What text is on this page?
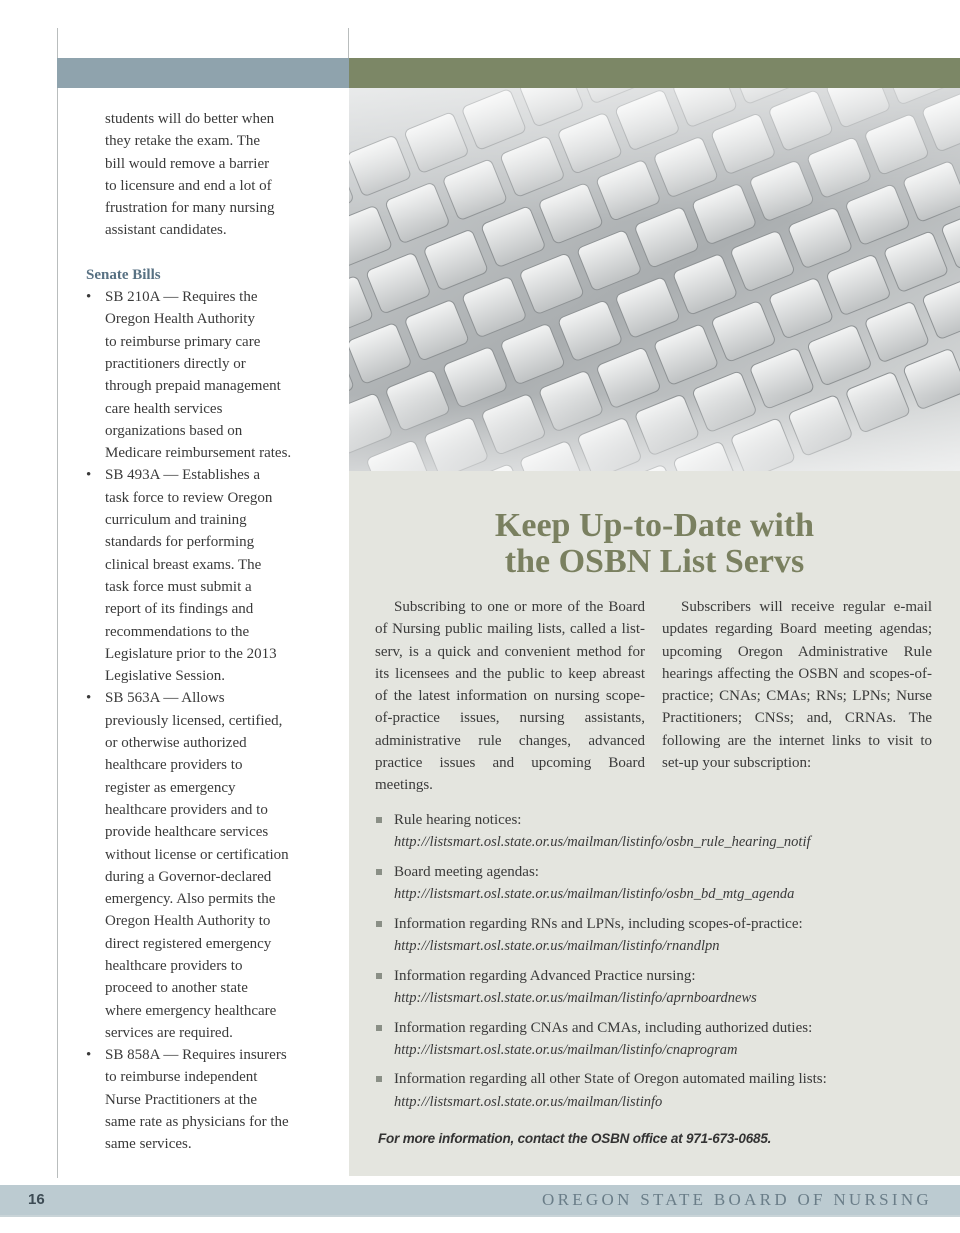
students will do better when

they retake the exam. The

bill would remove a barrier

to licensure and end a lot of

frustration for many nursing

assistant candidates.

Senate Bills

• SB 210A — Requires the
Oregon Health Authority
to reimburse primary care
practitioners directly or
through prepaid management
care health services
organizations based on
Medicare reimbursement rates.
• SB 493A — Establishes a
task force to review Oregon
curriculum and training
standards for performing
clinical breast exams. The
task force must submit a
report of its findings and
recommendations to the
Legislature prior to the 2013
Legislative Session.
• SB 563A — Allows
previously licensed, certified,
or otherwise authorized
healthcare providers to
register as emergency
healthcare providers and to
provide healthcare services
without license or certification
during a Governor-declared
emergency. Also permits the
Oregon Health Authority to
direct registered emergency
healthcare providers to
proceed to another state
where emergency healthcare
services are required.
• SB 858A — Requires insurers
to reimburse independent
Nurse Practitioners at the
same rate as physicians for the
same services.
Keep Up-to-Date with
the OSBN List Servs

Subscribing to one or more of the Board of Nursing public mailing lists, called a list-serv, is a quick and convenient method for its licensees and the public to keep abreast of the latest information on nursing scope-of-practice issues, nursing assistants, administrative rule changes, advanced practice issues and upcoming Board meetings.

Subscribers will receive regular e-mail updates regarding Board meeting agendas; upcoming Oregon Administrative Rule hearings affecting the OSBN and scopes-of-practice; CNAs; CMAs; RNs; LPNs; Nurse Practitioners; CNSs; and, CRNAs. The following are the internet links to visit to set-up your subscription:

Rule hearing notices:
http://listsmart.osl.state.or.us/mailman/listinfo/osbn_rule_hearing_notif
Board meeting agendas:
http://listsmart.osl.state.or.us/mailman/listinfo/osbn_bd_mtg_agenda
Information regarding RNs and LPNs, including scopes-of-practice:
http://listsmart.osl.state.or.us/mailman/listinfo/rnandlpn
Information regarding Advanced Practice nursing:
http://listsmart.osl.state.or.us/mailman/listinfo/aprnboardnews
Information regarding CNAs and CMAs, including authorized duties:
http://listsmart.osl.state.or.us/mailman/listinfo/cnaprogram
Information regarding all other State of Oregon automated mailing lists:
http://listsmart.osl.state.or.us/mailman/listinfo
For more information, contact the OSBN office at 971-673-0685.
16	OREGON STATE BOARD OF NURSING
